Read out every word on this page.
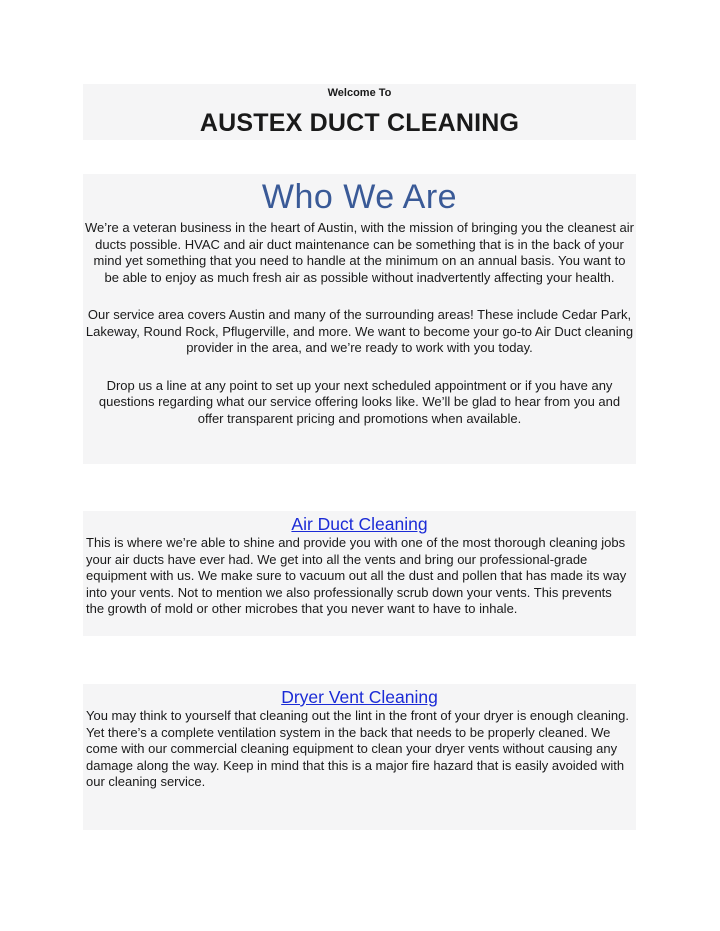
Welcome To
AUSTEX DUCT CLEANING
Who We Are

We’re a veteran business in the heart of Austin, with the mission of bringing you the cleanest air ducts possible. HVAC and air duct maintenance can be something that is in the back of your mind yet something that you need to handle at the minimum on an annual basis. You want to be able to enjoy as much fresh air as possible without inadvertently affecting your health.

Our service area covers Austin and many of the surrounding areas! These include Cedar Park, Lakeway, Round Rock, Pflugerville, and more. We want to become your go-to Air Duct cleaning provider in the area, and we’re ready to work with you today.

Drop us a line at any point to set up your next scheduled appointment or if you have any questions regarding what our service offering looks like. We’ll be glad to hear from you and offer transparent pricing and promotions when available.

Air Duct Cleaning

This is where we’re able to shine and provide you with one of the most thorough cleaning jobs your air ducts have ever had. We get into all the vents and bring our professional-grade equipment with us. We make sure to vacuum out all the dust and pollen that has made its way into your vents. Not to mention we also professionally scrub down your vents. This prevents the growth of mold or other microbes that you never want to have to inhale.

Dryer Vent Cleaning

You may think to yourself that cleaning out the lint in the front of your dryer is enough cleaning. Yet there’s a complete ventilation system in the back that needs to be properly cleaned. We come with our commercial cleaning equipment to clean your dryer vents without causing any damage along the way. Keep in mind that this is a major fire hazard that is easily avoided with our cleaning service.
